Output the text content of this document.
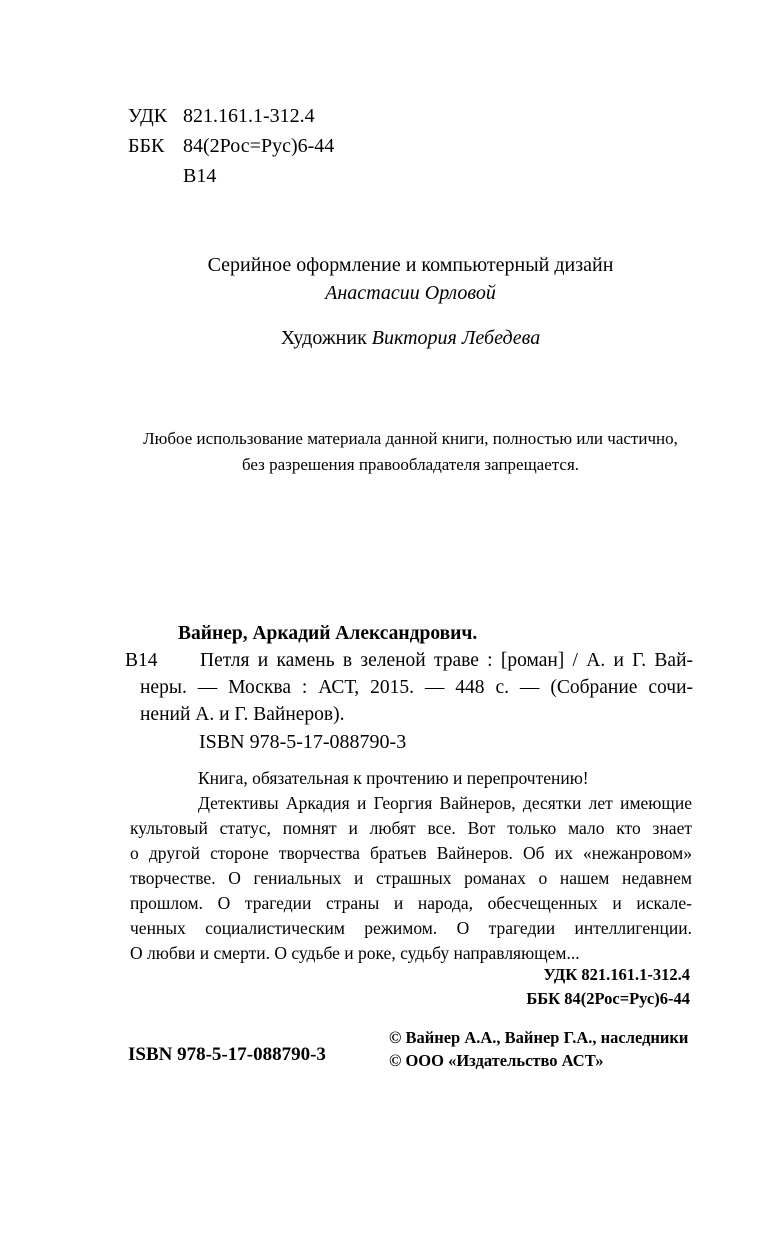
УДК 821.161.1-312.4
ББК 84(2Рос=Рус)6-44
В14
Серийное оформление и компьютерный дизайн
Анастасии Орловой
Художник Виктория Лебедева
Любое использование материала данной книги, полностью или частично,
без разрешения правообладателя запрещается.
Вайнер, Аркадий Александрович.
В14 Петля и камень в зеленой траве : [роман] / А. и Г. Вай-
неры. — Москва : АСТ, 2015. — 448 с. — (Собрание сочи-
нений А. и Г. Вайнеров).
ISBN 978-5-17-088790-3
Книга, обязательная к прочтению и перепрочтению!
Детективы Аркадия и Георгия Вайнеров, десятки лет имеющие
культовый статус, помнят и любят все. Вот только мало кто знает
о другой стороне творчества братьев Вайнеров. Об их «нежанровом»
творчестве. О гениальных и страшных романах о нашем недавнем
прошлом. О трагедии страны и народа, обесчещенных и искале-
ченных социалистическим режимом. О трагедии интеллигенции.
О любви и смерти. О судьбе и роке, судьбу направляющем...
УДК 821.161.1-312.4
ББК 84(2Рос=Рус)6-44
© Вайнер А.А., Вайнер Г.А., наследники
© ООО «Издательство АСТ»
ISBN 978-5-17-088790-3
